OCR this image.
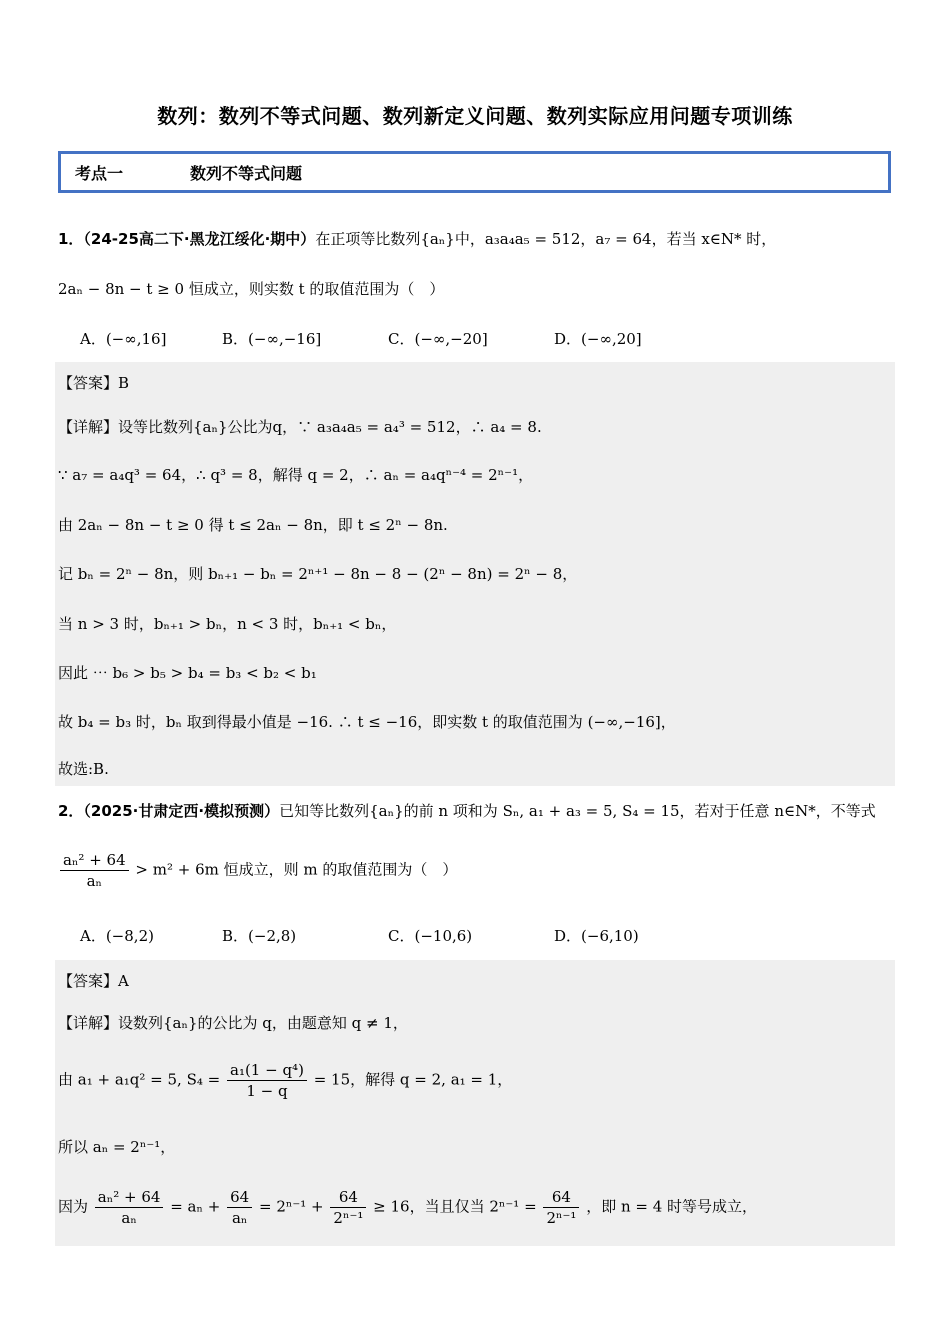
数列：数列不等式问题、数列新定义问题、数列实际应用问题专项训练
考点一	数列不等式问题
1．（24-25高二下·黑龙江绥化·期中）在正项等比数列{aₙ}中，a₃a₄a₅ = 512，a₇ = 64，若当 x∈N* 时，
2aₙ − 8n − t ≥ 0 恒成立，则实数 t 的取值范围为（　）
A．(−∞,16]	B．(−∞,−16]	C．(−∞,−20]	D．(−∞,20]
【答案】B
【详解】设等比数列{aₙ}公比为q，∵ a₃a₄a₅ = a₄³ = 512，∴ a₄ = 8.
∵ a₇ = a₄q³ = 64，∴ q³ = 8，解得 q = 2，∴ aₙ = a₄qⁿ⁻⁴ = 2ⁿ⁻¹，
由 2aₙ − 8n − t ≥ 0 得 t ≤ 2aₙ − 8n，即 t ≤ 2ⁿ − 8n.
记 bₙ = 2ⁿ − 8n，则 bₙ₊₁ − bₙ = 2ⁿ⁺¹ − 8n − 8 − (2ⁿ − 8n) = 2ⁿ − 8，
当 n > 3 时，bₙ₊₁ > bₙ，n < 3 时，bₙ₊₁ < bₙ，
因此 ⋯ b₆ > b₅ > b₄ = b₃ < b₂ < b₁
故 b₄ = b₃ 时，bₙ 取到得最小值是 −16. ∴ t ≤ −16，即实数 t 的取值范围为 (−∞,−16]，
故选:B.
2．（2025·甘肃定西·模拟预测）已知等比数列{aₙ}的前 n 项和为 Sₙ, a₁ + a₃ = 5, S₄ = 15，若对于任意 n∈N*，不等式
$\frac{\text{aₙ² + 64}}{\text{aₙ}} > m^2 + 6m$ 恒成立，则 m 的取值范围为（　）
A．(−8,2)	B．(−2,8)	C．(−10,6)	D．(−6,10)
【答案】A
【详解】设数列{aₙ}的公比为 q，由题意知 q ≠ 1，
由 a₁ + a₁q² = 5, $S_4 = \frac{\text{a₁(1 − q⁴)}}{1 - q} = 15$，解得 q = 2, a₁ = 1，
所以 aₙ = 2ⁿ⁻¹，
因为 $\frac{\text{aₙ² + 64}}{\text{aₙ}} = a_n + \frac{64}{\text{aₙ}} = 2^{n-1} + \frac{64}{\text{2ⁿ⁻¹}} \ge 16$，当且仅当 $2^{n-1} = \frac{64}{\text{2ⁿ⁻¹}}$ ，即 n = 4 时等号成立，
